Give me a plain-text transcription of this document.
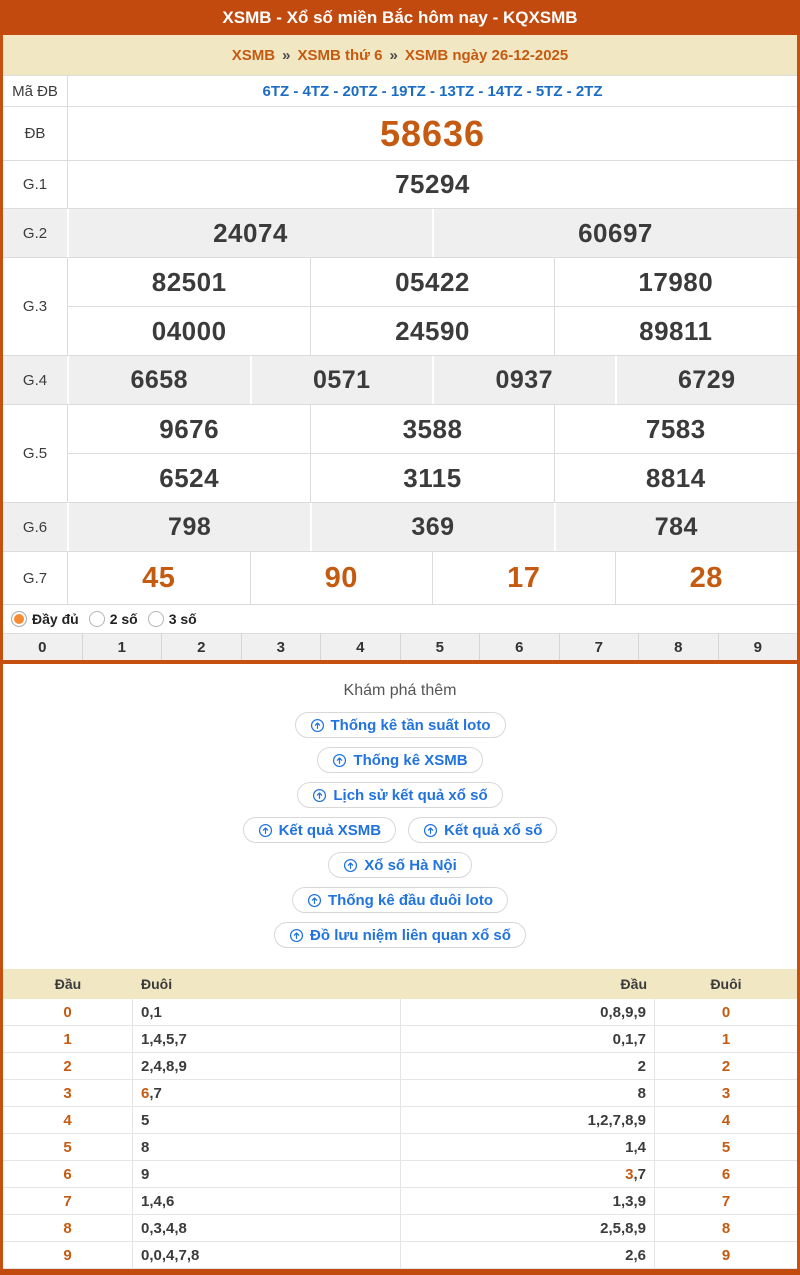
XSMB - Xổ số miền Bắc hôm nay - KQXSMB
XSMB » XSMB thứ 6 » XSMB ngày 26-12-2025
Mã ĐB	6TZ - 4TZ - 20TZ - 19TZ - 13TZ - 14TZ - 5TZ - 2TZ
ĐB	58636
G.1	75294
G.2	24074	60697
G.3
82501	05422	17980
04000	24590	89811
G.4	6658	0571	0937	6729
G.5
9676	3588	7583
6524	3115	8814
G.6	798	369	784
G.7	45	90	17	28
Đầy đủ 2 số 3 số
0	1	2	3	4	5	6	7	8	9
Khám phá thêm
Thống kê tần suất loto
Thống kê XSMB
Lịch sử kết quả xổ số
Kết quả XSMB	Kết quả xổ số
Xổ số Hà Nội
Thống kê đầu đuôi loto
Đồ lưu niệm liên quan xổ số
Đầu	Đuôi	Đầu	Đuôi
0	0,1	0,8,9,9	0
1	1,4,5,7	0,1,7	1
2	2,4,8,9	2	2
3	6 ,7	8	3
4	5	1,2,7,8,9	4
5	8	1,4	5
6	9	3 ,7	6
7	1,4,6	1,3,9	7
8	0,3,4,8	2,5,8,9	8
9	0,0,4,7,8	2,6	9
